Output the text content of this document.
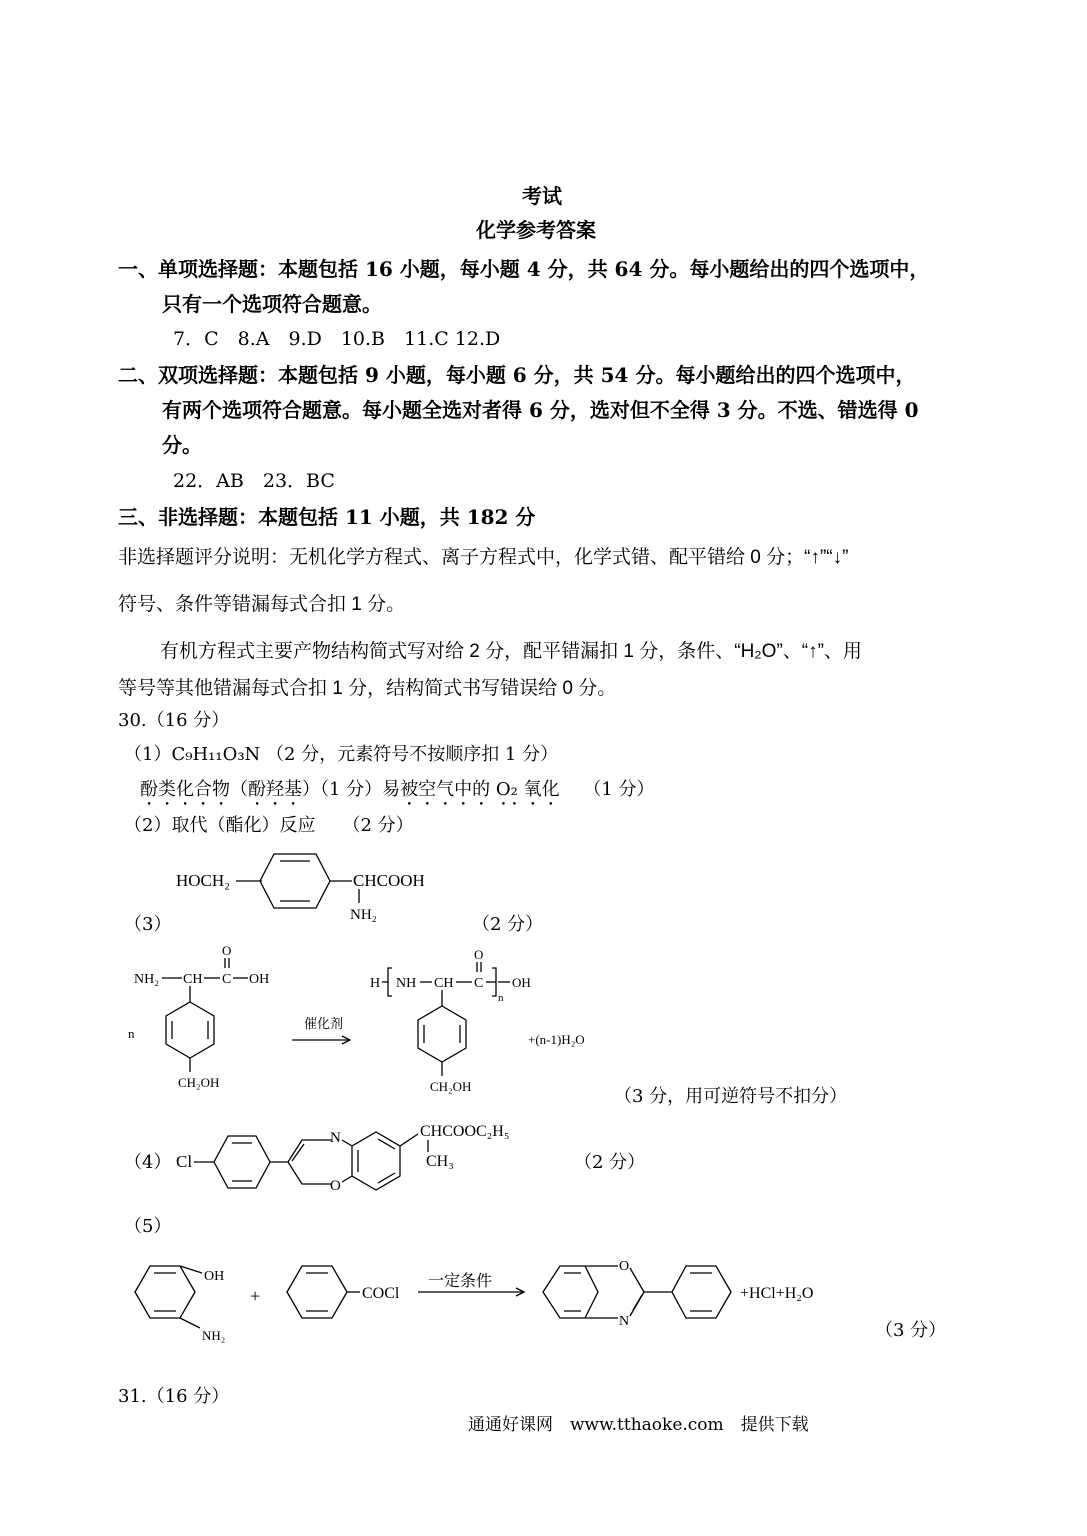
考试
化学参考答案
一、单项选择题：本题包括 16 小题，每小题 4 分，共 64 分。每小题给出的四个选项中，
只有一个选项符合题意。
7．C　8.A　9.D　10.B　11.C 12.D
二、双项选择题：本题包括 9 小题，每小题 6 分，共 54 分。每小题给出的四个选项中，
有两个选项符合题意。每小题全选对者得 6 分，选对但不全得 3 分。不选、错选得 0
分。
22．AB　23．BC
三、非选择题：本题包括 11 小题，共 182 分
非选择题评分说明：无机化学方程式、离子方程式中，化学式错、配平错给 0 分；“↑”“↓”
符号、条件等错漏每式合扣 1 分。
有机方程式主要产物结构简式写对给 2 分，配平错漏扣 1 分，条件、“H₂O”、“↑”、用
等号等其他错漏每式合扣 1 分，结构简式书写错误给 0 分。
30.（16 分）
（1）C₉H₁₁O₃N （2 分，元素符号不按顺序扣 1 分）
酚类化合物（酚羟基）（1 分）易被空气中的 O₂ 氧化 （1 分）
（2）取代（酯化）反应　　（2 分）
HOCH₂	CHCOOH
NH₂
（3）	（2 分）
n
NH₂ CH C
O
OH
CH₂OH
催化剂
H NH CH C
O
n
OH
CH₂OH
+(n-1)H₂O
（3 分，用可逆符号不扣分）
（4） Cl
N
O
CHCOOC₂H₅
CH₃	（2 分）
（5）
OH
NH₂
+	COCl
一定条件
O
N
+HCl+H₂O
（3 分）
31.（16 分）
通通好课网　www.tthaoke.com　提供下载
